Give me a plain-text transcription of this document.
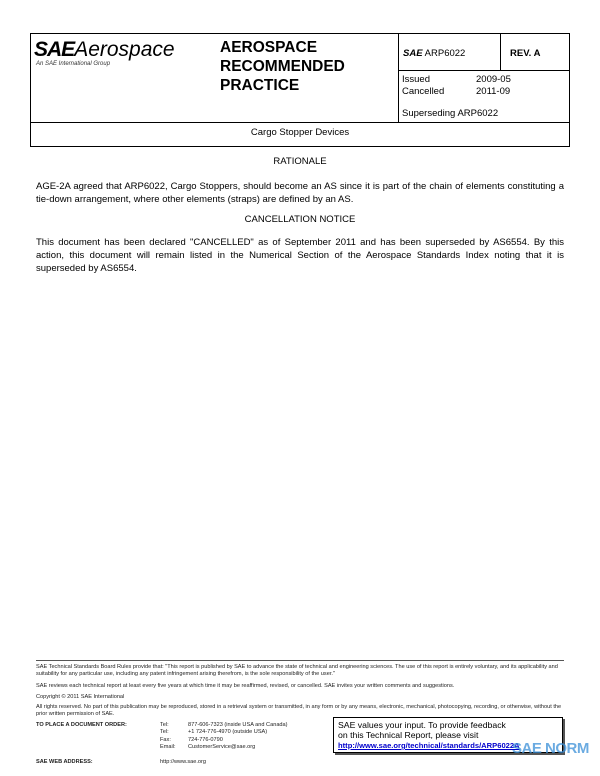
SAEAerospace
An SAE International Group
AEROSPACE
RECOMMENDED
PRACTICE
SAE ARP6022	REV. A
Issued	2009-05
Cancelled	2011-09
Superseding ARP6022
Cargo Stopper Devices
RATIONALE
AGE-2A agreed that ARP6022, Cargo Stoppers, should become an AS since it is part of the chain of elements constituting a tie-down arrangement, where other elements (straps) are defined by an AS.
CANCELLATION NOTICE
This document has been declared "CANCELLED" as of September 2011 and has been superseded by AS6554. By this action, this document will remain listed in the Numerical Section of the Aerospace Standards Index noting that it is superseded by AS6554.
SAE Technical Standards Board Rules provide that: "This report is published by SAE to advance the state of technical and engineering sciences. The use of this report is entirely voluntary, and its applicability and suitability for any particular use, including any patent infringement arising therefrom, is the sole responsibility of the user."
SAE reviews each technical report at least every five years at which time it may be reaffirmed, revised, or cancelled. SAE invites your written comments and suggestions.
Copyright © 2011 SAE International
All rights reserved. No part of this publication may be reproduced, stored in a retrieval system or transmitted, in any form or by any means, electronic, mechanical, photocopying, recording, or otherwise, without the prior written permission of SAE.
TO PLACE A DOCUMENT ORDER:	Tel:	877-606-7323 (inside USA and Canada)
Tel:	+1 724-776-4970 (outside USA)
Fax:	724-776-0790
Email: CustomerService@sae.org
SAE WEB ADDRESS:	http://www.sae.org
SAE values your input. To provide feedback
on this Technical Report, please visit
http://www.sae.org/technical/standards/ARP6022A
SAE NORM
